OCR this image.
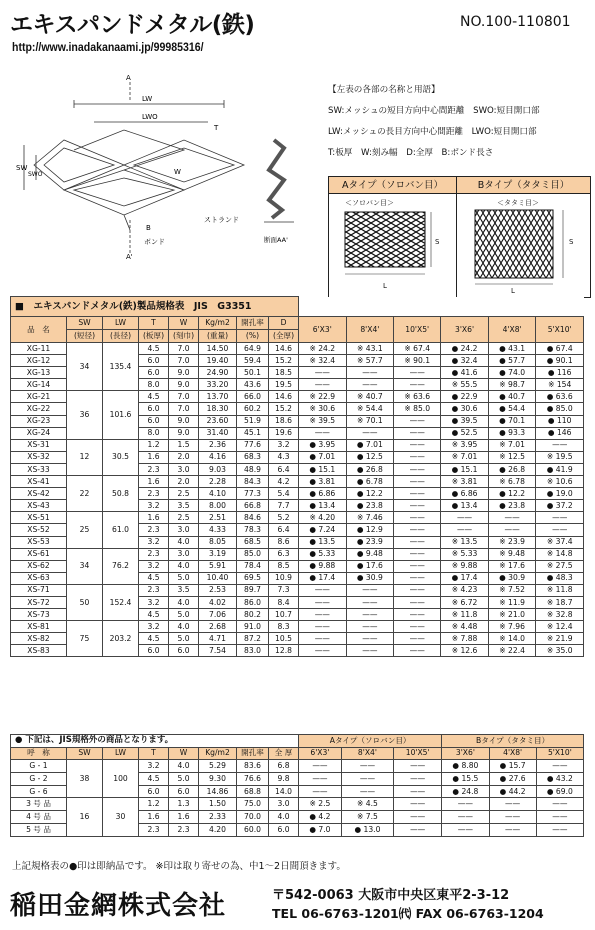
エキスパンドメタル(鉄)	NO.100-110801
http://www.inadakanaami.jp/99985316/
A
A'
LW
LWO
SW
SWO
T
W
B
ストランド
ボンド	断面AA'
【左表の各部の名称と用語】
SW:メッシュの短目方向中心間距離　 SWO:短目開口部
LW:メッシュの長目方向中心間距離　 LWO:短目開口部
T:板厚　W:刻み幅　D:全厚　B:ボンド長さ
Aタイプ（ソロバン目）	Bタイプ（タタミ目）
＜ソロバン目＞
S
L
＜タタミ目＞
S
L
■　エキスパンドメタル(鉄)製品規格表　JIS　G3351													
品　名	SW	LW	T	W	Kg/m2	開孔率	D	6'X3'	8'X4'	10'X5'	3'X6'	4'X8'	5'X10'
	(短径)	(長径)	(板厚)	(刻巾)	(重量)	(%)	(全厚)						
XG-11	34	135.4	4.5	7.0	14.50	64.9	14.6	※ 24.2	※ 43.1	※ 67.4	● 24.2	● 43.1	● 67.4
XG-12			6.0	7.0	19.40	59.4	15.2	※ 32.4	※ 57.7	※ 90.1	● 32.4	● 57.7	● 90.1
XG-13			6.0	9.0	24.90	50.1	18.5	——	——	——	● 41.6	● 74.0	● 116
XG-14			8.0	9.0	33.20	43.6	19.5	——	——	——	※ 55.5	※ 98.7	※ 154
XG-21	36	101.6	4.5	7.0	13.70	66.0	14.6	※ 22.9	※ 40.7	※ 63.6	● 22.9	● 40.7	● 63.6
XG-22			6.0	7.0	18.30	60.2	15.2	※ 30.6	※ 54.4	※ 85.0	● 30.6	● 54.4	● 85.0
XG-23			6.0	9.0	23.60	51.9	18.6	※ 39.5	※ 70.1	——	● 39.5	● 70.1	● 110
XG-24			8.0	9.0	31.40	45.1	19.6	——	——	——	● 52.5	● 93.3	● 146
XS-31	12	30.5	1.2	1.5	2.36	77.6	3.2	● 3.95	● 7.01	——	※ 3.95	※ 7.01	——
XS-32			1.6	2.0	4.16	68.3	4.3	● 7.01	● 12.5	——	※ 7.01	※ 12.5	※ 19.5
XS-33			2.3	3.0	9.03	48.9	6.4	● 15.1	● 26.8	——	● 15.1	● 26.8	● 41.9
XS-41	22	50.8	1.6	2.0	2.28	84.3	4.2	● 3.81	● 6.78	——	※ 3.81	※ 6.78	※ 10.6
XS-42			2.3	2.5	4.10	77.3	5.4	● 6.86	● 12.2	——	● 6.86	● 12.2	● 19.0
XS-43			3.2	3.5	8.00	66.8	7.7	● 13.4	● 23.8	——	● 13.4	● 23.8	● 37.2
XS-51	25	61.0	1.6	2.5	2.51	84.6	5.2	※ 4.20	※ 7.46	——	——	——	——
XS-52			2.3	3.0	4.33	78.3	6.4	● 7.24	● 12.9	——	——	——	——
XS-53			3.2	4.0	8.05	68.5	8.6	● 13.5	● 23.9	——	※ 13.5	※ 23.9	※ 37.4
XS-61	34	76.2	2.3	3.0	3.19	85.0	6.3	● 5.33	● 9.48	——	※ 5.33	※ 9.48	※ 14.8
XS-62			3.2	4.0	5.91	78.4	8.5	● 9.88	● 17.6	——	※ 9.88	※ 17.6	※ 27.5
XS-63			4.5	5.0	10.40	69.5	10.9	● 17.4	● 30.9	——	● 17.4	● 30.9	● 48.3
XS-71	50	152.4	2.3	3.5	2.53	89.7	7.3	——	——	——	※ 4.23	※ 7.52	※ 11.8
XS-72			3.2	4.0	4.02	86.0	8.4	——	——	——	※ 6.72	※ 11.9	※ 18.7
XS-73			4.5	5.0	7.06	80.2	10.7	——	——	——	※ 11.8	※ 21.0	※ 32.8
XS-81	75	203.2	3.2	4.0	2.68	91.0	8.3	——	——	——	※ 4.48	※ 7.96	※ 12.4
XS-82			4.5	5.0	4.71	87.2	10.5	——	——	——	※ 7.88	※ 14.0	※ 21.9
XS-83			6.0	6.0	7.54	83.0	12.8	——	——	——	※ 12.6	※ 22.4	※ 35.0
● 下記は、JIS規格外の商品となります。								Aタイプ（ソロバン目）			Bタイプ（タタミ目）		
呼　称	SW	LW	T	W	Kg/m2	開孔率	全 厚	6'X3'	8'X4'	10'X5'	3'X6'	4'X8'	5'X10'
G - 1	38	100	3.2	4.0	5.29	83.6	6.8	——	——	——	● 8.80	● 15.7	——
G - 2			4.5	5.0	9.30	76.6	9.8	——	——	——	● 15.5	● 27.6	● 43.2
G - 6			6.0	6.0	14.86	68.8	14.0	——	——	——	● 24.8	● 44.2	● 69.0
3 号 品	16	30	1.2	1.3	1.50	75.0	3.0	※ 2.5	※ 4.5	——	——	——	——
4 号 品			1.6	1.6	2.33	70.0	4.0	● 4.2	※ 7.5	——	——	——	——
5 号 品			2.3	2.3	4.20	60.0	6.0	● 7.0	● 13.0	——	——	——	——
上記規格表の●印は即納品です。 ※印は取り寄せの為、中1～2日間頂きます。
稲田金網株式会社	〒542-0063 大阪市中央区東平2-3-12
TEL 06-6763-1201㈹ FAX 06-6763-1204
